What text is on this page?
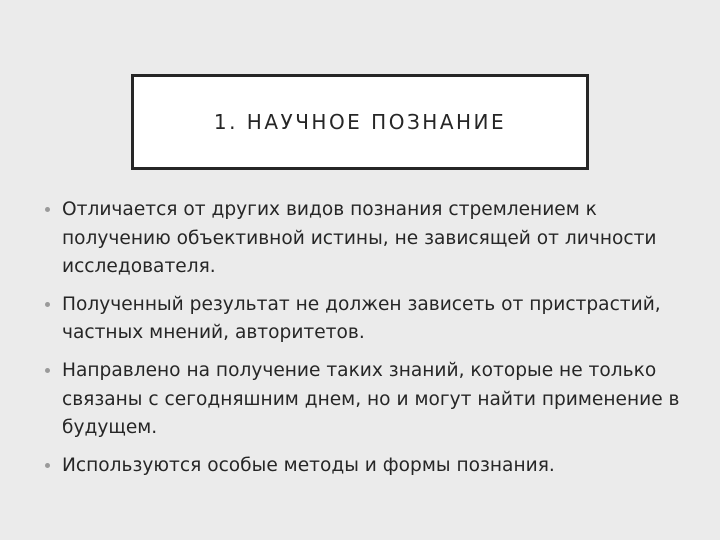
1. НАУЧНОЕ ПОЗНАНИЕ
Отличается от других видов познания стремлением к получению объективной истины, не зависящей от личности исследователя.
Полученный результат не должен зависеть от пристрастий, частных мнений, авторитетов.
Направлено на получение таких знаний, которые не только связаны с сегодняшним днем, но и могут найти применение в будущем.
Используются особые методы и формы познания.
